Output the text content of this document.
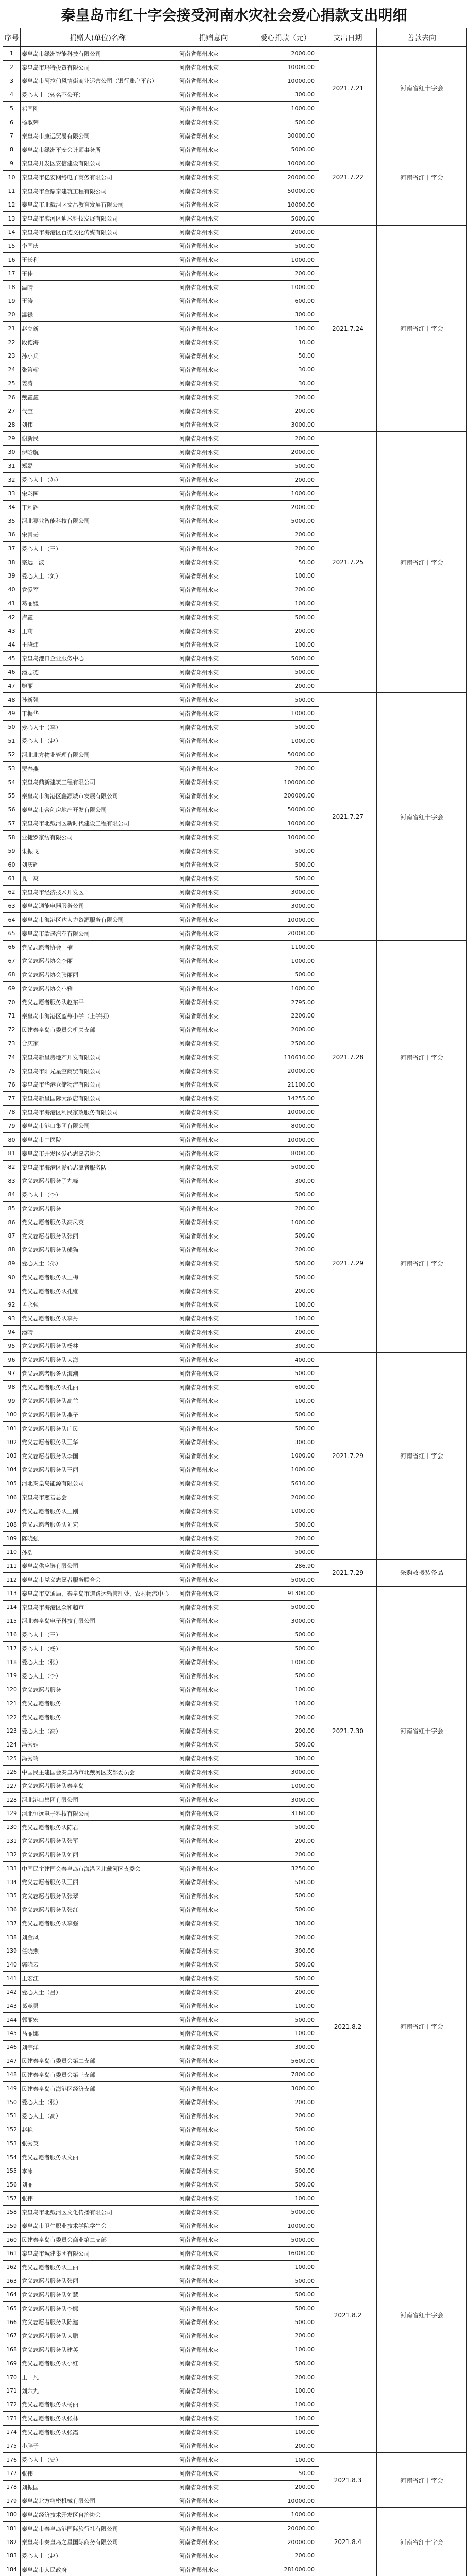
秦皇岛市红十字会接受河南水灾社会爱心捐款支出明细
序号	捐赠人(单位)名称	捐赠意向	爱心捐款（元）	支出日期	善款去向
1	秦皇岛市绿洲智能科技有限公司	河南省郑州水灾	2000.00	2021.7.21	河南省红十字会
2	秦皇岛市玛特投资有限公司	河南省郑州水灾	10000.00		
3	秦皇岛市阿拉伯风情街商业运营公司（银行账户平台）	河南省郑州水灾	10000.00		
4	爱心人士（转名不公开）	河南省郑州水灾	300.00		
5	祁国刚	河南省郑州水灾	1000.00		
6	杨淑荣	河南省郑州水灾	500.00		
7	秦皇岛市康远贸易有限公司	河南省郑州水灾	30000.00	2021.7.22	河南省红十字会
8	秦皇岛市绿洲平安会计师事务所	河南省郑州水灾	5000.00		
9	秦皇岛开发区安信建设有限公司	河南省郑州水灾	10000.00		
10	秦皇岛市亿安网络电子商务有限公司	河南省郑州水灾	20000.00		
11	秦皇岛市金鼎泰建筑工程有限公司	河南省郑州水灾	50000.00		
12	秦皇岛市北戴河区文昌教育发展有限公司	河南省郑州水灾	10000.00		
13	秦皇岛市滨河区迪米科技发展有限公司	河南省郑州水灾	5000.00		
14	秦皇岛市海港区百德文化传媒有限公司	河南省郑州水灾	2000.00	2021.7.24	河南省红十字会
15	李国庆	河南省郑州水灾	500.00		
16	王长利	河南省郑州水灾	1000.00		
17	王佳	河南省郑州水灾	200.00		
18	温晴	河南省郑州水灾	1000.00		
19	王涛	河南省郑州水灾	600.00		
20	温禄	河南省郑州水灾	300.00		
21	赵立新	河南省郑州水灾	100.00		
22	段德海	河南省郑州水灾	10.00		
23	孙小兵	河南省郑州水灾	50.00		
24	张策翰	河南省郑州水灾	30.00		
25	姜涛	河南省郑州水灾	30.00		
26	戴鑫鑫	河南省郑州水灾	200.00		
27	代宝	河南省郑州水灾	200.00		
28	刘伟	河南省郑州水灾	3000.00		
29	谢新民	河南省郑州水灾	200.00	2021.7.25	河南省红十字会
30	伊晗航	河南省郑州水灾	2000.00		
31	郑磊	河南省郑州水灾	500.00		
32	爱心人士（苏）	河南省郑州水灾	200.00		
33	宋彩园	河南省郑州水灾	1000.00		
34	丁利辉	河南省郑州水灾	2000.00		
35	河北嘉业智能科技有限公司	河南省郑州水灾	5000.00		
36	宋青云	河南省郑州水灾	200.00		
37	爱心人士（王）	河南省郑州水灾	200.00		
38	宗远一波	河南省郑州水灾	50.00		
39	爱心人士（刘）	河南省郑州水灾	100.00		
40	党爱军	河南省郑州水灾	200.00		
41	葛丽媛	河南省郑州水灾	100.00		
42	卢鑫	河南省郑州水灾	500.00		
43	王莉	河南省郑州水灾	200.00		
44	王晓炜	河南省郑州水灾	100.00		
45	秦皇岛港口企业服务中心	河南省郑州水灾	5000.00		
46	潘志德	河南省郑州水灾	500.00		
47	鲍丽	河南省郑州水灾	200.00		
48	孙新强	河南省郑州水灾	500.00	2021.7.27	河南省红十字会
49	丁振华	河南省郑州水灾	1000.00		
50	爱心人士（李）	河南省郑州水灾	500.00		
51	爱心人士（赵）	河南省郑州水灾	1000.00		
52	河北北方物业管理有限公司	河南省郑州水灾	50000.00		
53	贾春燕	河南省郑州水灾	200.00		
54	秦皇岛鼎新建筑工程有限公司	河南省郑州水灾	100000.00		
55	秦皇岛市海港区鑫源城市发展有限公司	河南省郑州水灾	200000.00		
56	秦皇岛市合创房地产开发有限公司	河南省郑州水灾	50000.00		
57	秦皇岛市北戴河区新时代建设工程有限公司	河南省郑州水灾	10000.00		
58	亚捷罗家纺有限公司	河南省郑州水灾	10000.00		
59	朱振飞	河南省郑州水灾	500.00		
60	刘庆辉	河南省郑州水灾	500.00		
61	夏十爽	河南省郑州水灾	500.00		
62	秦皇岛市经济技术开发区	河南省郑州水灾	3000.00		
63	秦皇岛通能电器服务公司	河南省郑州水灾	3000.00		
64	秦皇岛市海港区达人力资源服务有限公司	河南省郑州水灾	10000.00		
65	秦皇岛市欧诺汽车有限公司	河南省郑州水灾	20000.00		
66	党义志愿者协会王楠	河南省郑州水灾	1100.00	2021.7.28	河南省红十字会
67	党义志愿者协会李丽	河南省郑州水灾	1000.00		
68	党义志愿者协会张丽丽	河南省郑州水灾	500.00		
69	党义志愿者协会小雅	河南省郑州水灾	1000.00		
70	党义志愿者服务队赵东平	河南省郑州水灾	2795.00		
71	秦皇岛市海港区蓝莓小学（上学期）	河南省郑州水灾	2200.00		
72	民建秦皇岛市委员会机关支部	河南省郑州水灾	2000.00		
73	合庆家	河南省郑州水灾	2500.00		
74	秦皇岛新星房地产开发有限公司	河南省郑州水灾	110610.00		
75	秦皇岛市阳光星空商贸有限公司	河南省郑州水灾	20000.00		
76	秦皇岛市华港仓储物流有限公司	河南省郑州水灾	21100.00		
77	秦皇岛新星国际大酒店有限公司	河南省郑州水灾	14255.00		
78	秦皇岛市海港区利民家政服务有限公司	河南省郑州水灾	10000.00		
79	秦皇岛市港口集团有限公司	河南省郑州水灾	8000.00		
80	秦皇岛市中医院	河南省郑州水灾	10000.00		
81	秦皇岛市开发区爱心志愿者协会	河南省郑州水灾	8000.00		
82	秦皇岛市海港区爱心志愿者服务队	河南省郑州水灾	5000.00		
83	党义志愿者服务了九峰	河南省郑州水灾	300.00	2021.7.29	河南省红十字会
84	爱心人士（李）	河南省郑州水灾	500.00		
85	党义志愿者服务	河南省郑州水灾	200.00		
86	党义志愿者服务队高凤英	河南省郑州水灾	1000.00		
87	党义志愿者服务队张丽	河南省郑州水灾	500.00		
88	党义志愿者服务队熊猫	河南省郑州水灾	200.00		
89	爱心人士（孙）	河南省郑州水灾	500.00		
90	党义志愿者服务队王梅	河南省郑州水灾	500.00		
91	党义志愿者服务队孔维	河南省郑州水灾	200.00		
92	孟永强	河南省郑州水灾	100.00		
93	党义志愿者服务队李丹	河南省郑州水灾	100.00		
94	潘晴	河南省郑州水灾	200.00		
95	党义志愿者服务队杨林	河南省郑州水灾	300.00		
96	党义志愿者服务队大海	河南省郑州水灾	400.00	2021.7.29	河南省红十字会
97	党义志愿者服务队海潮	河南省郑州水灾	500.00		
98	党义志愿者服务队孔丽	河南省郑州水灾	600.00		
99	党义志愿者服务队高兰	河南省郑州水灾	100.00		
100	党义志愿者服务队燕子	河南省郑州水灾	500.00		
101	党义志愿者服务队广民	河南省郑州水灾	500.00		
102	党义志愿者服务队王华	河南省郑州水灾	300.00		
103	党义志愿者服务队李国	河南省郑州水灾	1000.00		
104	党义志愿者服务队王丽	河南省郑州水灾	1000.00		
105	河北秦皇岛能源有限公司	河南省郑州水灾	5610.00		
106	秦皇岛市慈善总会	河南省郑州水灾	2000.00		
107	党义志愿者服务队王刚	河南省郑州水灾	1000.00		
108	党义志愿者服务队刘宏	河南省郑州水灾	500.00		
109	陈晓强	河南省郑州水灾	200.00		
110	孙浩	河南省郑州水灾	500.00		
111	秦皇岛供应链有限公司	河南省郑州水灾	286.90	2021.7.29	采购救援装备品
112	秦皇岛市党义志愿者服务联合会	河南省郑州水灾	5000.00		
113	秦皇岛市交通局、秦皇岛市道路运输管理处、农村物流中心	河南省郑州水灾	91300.00	2021.7.30	河南省红十字会
114	秦皇岛市海港区众和超市	河南省郑州水灾	5000.00		
115	河北秦皇岛电子科技有限公司	河南省郑州水灾	3000.00		
116	爱心人士（王）	河南省郑州水灾	500.00		
117	爱心人士（杨）	河南省郑州水灾	500.00		
118	爱心人士（张）	河南省郑州水灾	1000.00		
119	爱心人士（李）	河南省郑州水灾	500.00		
120	党义志愿者服务	河南省郑州水灾	100.00		
121	党义志愿者服务	河南省郑州水灾	100.00		
122	党义志愿者服务	河南省郑州水灾	200.00		
123	爱心人士（高）	河南省郑州水灾	200.00		
124	冯秀娟	河南省郑州水灾	500.00		
125	冯秀玲	河南省郑州水灾	300.00		
126	中国民主建国会秦皇岛市北戴河区支部委员会	河南省郑州水灾	3000.00		
127	党义志愿者服务队秦皇岛	河南省郑州水灾	1000.00		
128	河北港口集团有限公司	河南省郑州水灾	3000.00		
129	河北恒远电子科技有限公司	河南省郑州水灾	3160.00		
130	党义志愿者服务队陈君	河南省郑州水灾	500.00		
131	党义志愿者服务队张军	河南省郑州水灾	200.00		
132	党义志愿者服务队刘丽	河南省郑州水灾	200.00		
133	中国民主建国会秦皇岛市海港区北戴河区支委会	河南省郑州水灾	3250.00		
134	党义志愿者服务队王丽	河南省郑州水灾	500.00	2021.8.2	河南省红十字会
135	党义志愿者服务队张翠	河南省郑州水灾	500.00		
136	党义志愿者服务队张红	河南省郑州水灾	500.00		
137	党义志愿者服务队李强	河南省郑州水灾	300.00		
138	刘金凤	河南省郑州水灾	200.00		
139	任晓燕	河南省郑州水灾	300.00		
140	郭晓云	河南省郑州水灾	500.00		
141	王宏江	河南省郑州水灾	500.00		
142	爱心人士（吕）	河南省郑州水灾	200.00		
143	葛竞男	河南省郑州水灾	100.00		
144	郭丽宏	河南省郑州水灾	500.00		
145	马丽娜	河南省郑州水灾	100.00		
146	刘宇洋	河南省郑州水灾	300.00		
147	民建秦皇岛市委员会第二支部	河南省郑州水灾	5600.00		
148	民建秦皇岛市委员会第三支部	河南省郑州水灾	7800.00		
149	民建秦皇岛市海港区经济支部	河南省郑州水灾	3000.00		
150	爱心人士（张）	河南省郑州水灾	200.00		
151	爱心人士（高）	河南省郑州水灾	200.00		
152	赵艳	河南省郑州水灾	500.00		
153	张秀英	河南省郑州水灾	100.00		
154	党义志愿者服务队文丽	河南省郑州水灾	500.00		
155	李冰	河南省郑州水灾	500.00		
156	刘丽	河南省郑州水灾	500.00	2021.8.2	河南省红十字会
157	张伟	河南省郑州水灾	100.00		
158	秦皇岛市北戴河区文化传播有限公司	河南省郑州水灾	5000.00		
159	秦皇岛市卫生职业技术学院学生会	河南省郑州水灾	10000.00		
160	民建秦皇岛市委员会商业第二支部	河南省郑州水灾	5000.00		
161	秦皇岛市城建集团有限公司	河南省郑州水灾	16000.00		
162	党义志愿者服务队王丽	河南省郑州水灾	100.00		
163	党义志愿者服务队张丽	河南省郑州水灾	500.00		
164	党义志愿者服务队刘慧	河南省郑州水灾	500.00		
165	党义志愿者服务队李娜	河南省郑州水灾	500.00		
166	党义志愿者服务队陈建	河南省郑州水灾	500.00		
167	党义志愿者服务队大鹏	河南省郑州水灾	200.00		
168	党义志愿者服务队建英	河南省郑州水灾	100.00		
169	党义志愿者服务队小红	河南省郑州水灾	500.00		
170	王一凡	河南省郑州水灾	200.00		
171	刘六九	河南省郑州水灾	100.00		
172	党义志愿者服务队杨丽	河南省郑州水灾	100.00		
173	党义志愿者服务队张林	河南省郑州水灾	100.00		
174	党义志愿者服务队张霞	河南省郑州水灾	100.00		
175	小胖子	河南省郑州水灾	200.00		
176	爱心人士（史）	河南省郑州水灾	100.00	2021.8.3	河南省红十字会
177	张伟	河南省郑州水灾	50.00		
178	刘振国	河南省郑州水灾	200.00		
179	秦皇岛北方精密机械有限公司	河南省郑州水灾	10000.00		
180	秦皇岛经济技术开发区自治协会	河南省郑州水灾	1000.00	2021.8.4	河南省红十字会
181	秦皇岛市秦皇岛港国际旅行社有限公司	河南省郑州水灾	20000.00		
182	秦皇岛市秦皇岛之星国际商务有限公司	河南省郑州水灾	20000.00		
183	爱心人士（赵）	河南省郑州水灾	200.00		
184	秦皇岛市人民政府	河南省郑州水灾	281000.00		
